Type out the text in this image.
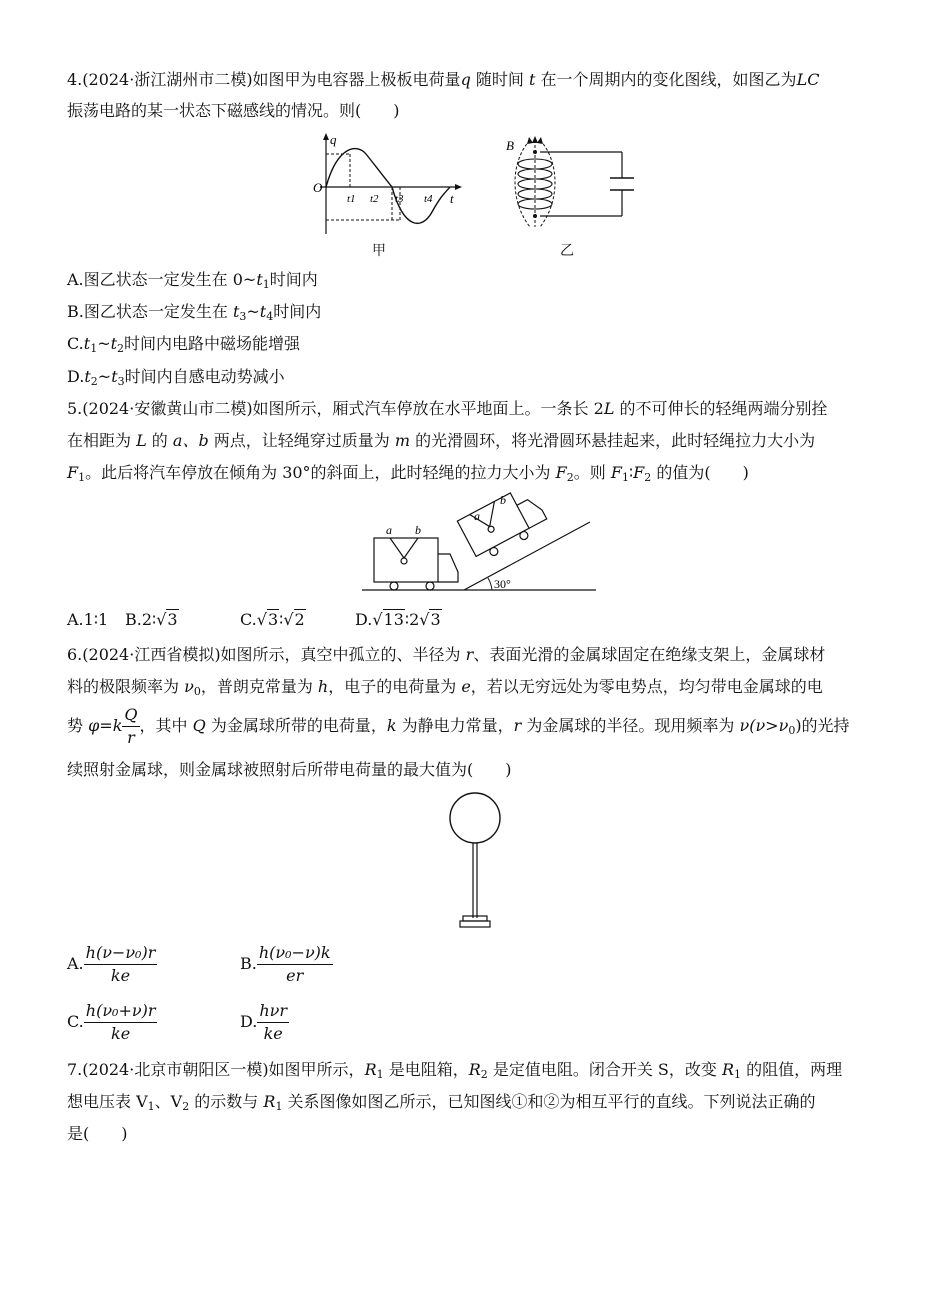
4.(2024·浙江湖州市二模)如图甲为电容器上极板电荷量q 随时间 t 在一个周期内的变化图线，如图乙为LC
振荡电路的某一状态下磁感线的情况。则(　　)
q
O
t
t1 t2 t3 t4
甲
B
乙
A.图乙状态一定发生在 $0\sim t_1$时间内
B.图乙状态一定发生在 $t_3\sim t_4$时间内
$C.t_1\sim t_2$时间内电路中磁场能增强
$D.t_2\sim t_3$时间内自感电动势减小
5.(2024·安徽黄山市二模)如图所示，厢式汽车停放在水平地面上。一条长 2L 的不可伸长的轻绳两端分别拴
在相距为 L 的 a、b 两点，让轻绳穿过质量为 m 的光滑圆环，将光滑圆环悬挂起来，此时轻绳拉力大小为
$F_1$。此后将汽车停放在倾角为 30°的斜面上，此时轻绳的拉力大小为 $F_2$。则 $F_1∶F_2$ 的值为(　　)
a b
30°
a
b
A.1∶1 B.2∶ √ 3	C. √ 3∶ √ 2	D. √ 13∶2 √ 3
6.(2024·江西省模拟)如图所示，真空中孤立的、半径为 r、表面光滑的金属球固定在绝缘支架上，金属球材
料的极限频率为 $\nu_0$，普朗克常量为 h，电子的电荷量为 e，若以无穷远处为零电势点，均匀带电金属球的电
势 $\varphi=k \frac{Q}{r}$ ，其中 Q 为金属球所带的电荷量，k 为静电力常量，r 为金属球的半径。现用频率为 $\nu(\nu>\nu_0)$的光持
续照射金属球，则金属球被照射后所带电荷量的最大值为(　　)
A. $\frac{\text{h(ν−ν₀)r}}{ke}$	B. $\frac{\text{h(ν₀−ν)k}}{er}$
C. $\frac{\text{h(ν₀+ν)r}}{ke}$	D. $\frac{\text{hνr}}{ke}$
7.(2024·北京市朝阳区一模)如图甲所示，$R_1$ 是电阻箱，$R_2$ 是定值电阻。闭合开关 S，改变 $R_1$ 的阻值，两理
想电压表 $V_1$、$V_2$ 的示数与 $R_1$ 关系图像如图乙所示，已知图线①和②为相互平行的直线。下列说法正确的
是(　　)
